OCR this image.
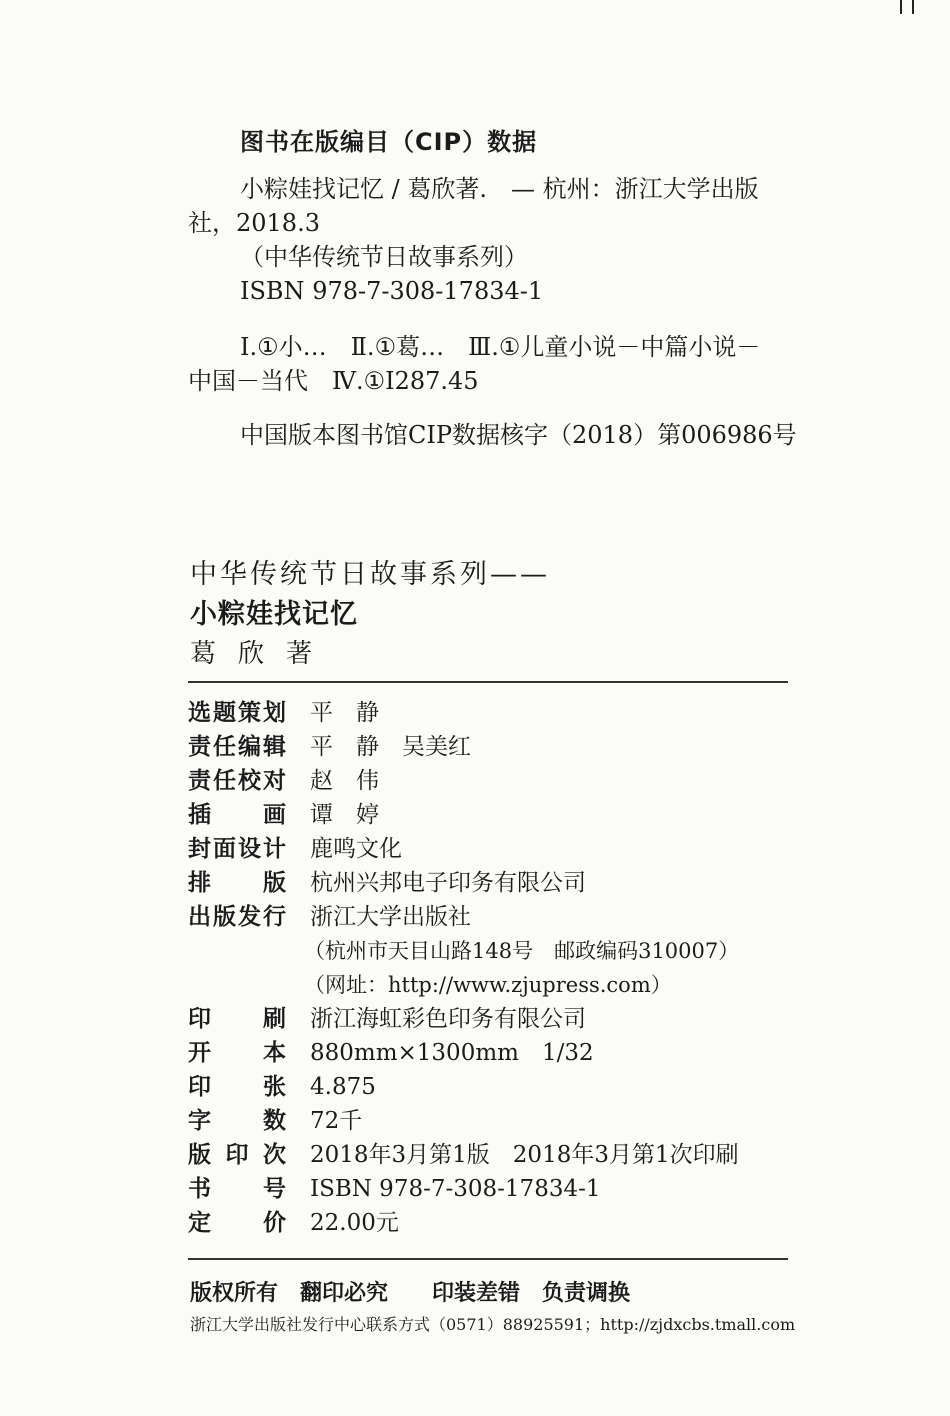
图书在版编目（CIP）数据
小粽娃找记忆 / 葛欣著.　— 杭州：浙江大学出版
社，2018.3
（中华传统节日故事系列）
ISBN 978-7-308-17834-1
Ⅰ.①小…　Ⅱ.①葛…　Ⅲ.①儿童小说－中篇小说－
中国－当代　Ⅳ.①I287.45
中国版本图书馆CIP数据核字（2018）第006986号
中华传统节日故事系列——
小粽娃找记忆
葛欣著
选题策划 平　静
责任编辑 平　静　吴美红
责任校对 赵　伟
插画 谭　婷
封面设计 鹿鸣文化
排版 杭州兴邦电子印务有限公司
出版发行 浙江大学出版社
（杭州市天目山路148号　邮政编码310007）
（网址：http://www.zjupress.com）
印刷 浙江海虹彩色印务有限公司
开本 880mm×1300mm　1/32
印张 4.875
字数 72千
版印次 2018年3月第1版　2018年3月第1次印刷
书号 ISBN 978-7-308-17834-1
定价 22.00元
版权所有　翻印必究　　印装差错　负责调换
浙江大学出版社发行中心联系方式（0571）88925591；http://zjdxcbs.tmall.com
